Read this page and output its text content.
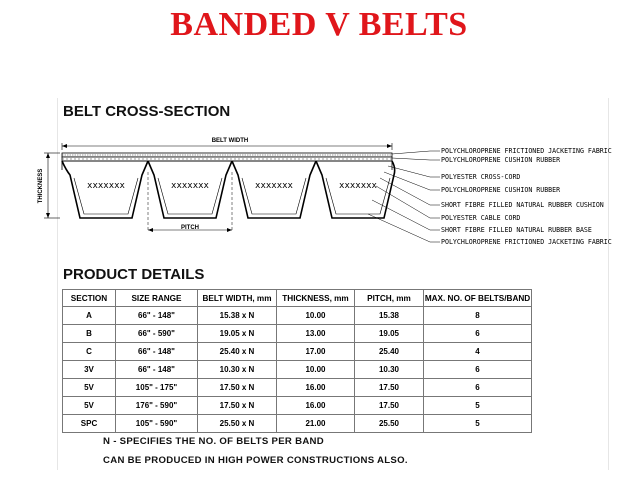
BANDED V BELTS
BELT CROSS-SECTION
BELT WIDTH
THICKNESS	xxxxxxx	xxxxxxx	xxxxxxx	xxxxxxx
PITCH
POLYCHLOROPRENE FRICTIONED JACKETING FABRIC
POLYCHLOROPRENE CUSHION RUBBER
POLYESTER CROSS-CORD
POLYCHLOROPRENE CUSHION RUBBER
SHORT FIBRE FILLED NATURAL RUBBER CUSHION
POLYESTER CABLE CORD
SHORT FIBRE FILLED NATURAL RUBBER BASE
POLYCHLOROPRENE FRICTIONED JACKETING FABRIC
PRODUCT DETAILS
SECTION	SIZE RANGE	BELT WIDTH, mm	THICKNESS, mm	PITCH, mm	MAX. NO. OF BELTS/BAND
A	66" - 148"	15.38 x N	10.00	15.38	8
B	66" - 590"	19.05 x N	13.00	19.05	6
C	66" - 148"	25.40 x N	17.00	25.40	4
3V	66" - 148"	10.30 x N	10.00	10.30	6
5V	105" - 175"	17.50 x N	16.00	17.50	6
5V	176" - 590"	17.50 x N	16.00	17.50	5
SPC	105" - 590"	25.50 x N	21.00	25.50	5
N - SPECIFIES THE NO. OF BELTS PER BAND
CAN BE PRODUCED IN HIGH POWER CONSTRUCTIONS ALSO.
